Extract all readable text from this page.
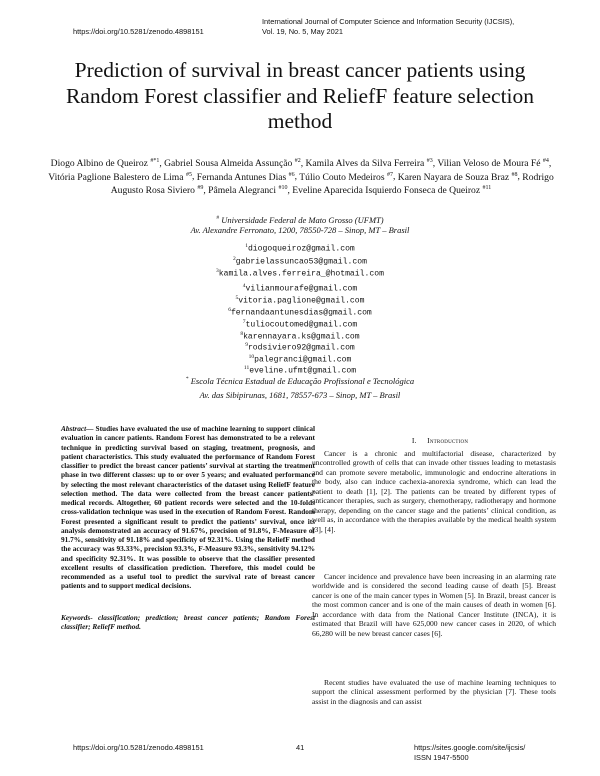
https://doi.org/10.5281/zenodo.4898151
International Journal of Computer Science and Information Security (IJCSIS),
Vol. 19, No. 5, May 2021
Prediction of survival in breast cancer patients using Random Forest classifier and ReliefF feature selection method
Diogo Albino de Queiroz $^{\#*1}$, Gabriel Sousa Almeida Assunção $^{\#2}$, Kamila Alves da Silva Ferreira $^{\#3}$, Vilian Veloso de Moura Fé $^{\#4}$, Vitória Paglione Balestero de Lima $^{\#5}$, Fernanda Antunes Dias $^{\#6}$, Túlio Couto Medeiros $^{\#7}$, Karen Nayara de Souza Braz $^{\#8}$, Rodrigo Augusto Rosa Siviero $^{\#9}$, Pâmela Alegranci $^{\#10}$, Eveline Aparecida Isquierdo Fonseca de Queiroz $^{\#11}$
# Universidade Federal de Mato Grosso (UFMT)
Av. Alexandre Ferronato, 1200, 78550-728 – Sinop, MT – Brasil
$^1$diogoqueiroz@gmail.com
$^2$gabrielassuncao53@gmail.com
$^3$kamila.alves.ferreira_@hotmail.com
$^4$vilianmourafe@gmail.com
$^5$vitoria.paglione@gmail.com
$^6$fernandaantunesdias@gmail.com
$^7$tuliocoutomed@gmail.com
$^8$karennayara.ks@gmail.com
$^9$rodsiviero92@gmail.com
$^{10}$palegranci@gmail.com
$^{11}$eveline.ufmt@gmail.com
* Escola Técnica Estadual de Educação Profissional e Tecnológica
Av. das Sibipirunas, 1681, 78557-673 – Sinop, MT – Brasil
Abstract— Studies have evaluated the use of machine learning to support clinical evaluation in cancer patients. Random Forest has demonstrated to be a relevant technique in predicting survival based on staging, treatment, prognosis, and patient characteristics. This study evaluated the performance of Random Forest classifier to predict the breast cancer patients’ survival at starting the treatment phase in two different classes: up to or over 5 years; and evaluated performance by selecting the most relevant characteristics of the dataset using ReliefF feature selection method. The data were collected from the breast cancer patients’ medical records. Altogether, 60 patient records were selected and the 10-folds cross-validation technique was used in the execution of Random Forest. Random Forest presented a significant result to predict the patients’ survival, once its analysis demonstrated an accuracy of 91.67%, precision of 91.8%, F-Measure of 91.7%, sensitivity of 91.18% and specificity of 92.31%. Using the ReliefF method the accuracy was 93.33%, precision 93.3%, F-Measure 93.3%, sensitivity 94.12% and specificity 92.31%. It was possible to observe that the classifier presented excellent results of classification prediction. Therefore, this model could be recommended as a useful tool to predict the survival rate of breast cancer patients and to support medical decisions.
Keywords- classification; prediction; breast cancer patients; Random Forest classifier; ReliefF method.
I. Introduction

Cancer is a chronic and multifactorial disease, characterized by uncontrolled growth of cells that can invade other tissues leading to metastasis and can promote severe metabolic, immunologic and endocrine alterations in the body, also can induce cachexia-anorexia syndrome, which can lead the patient to death [1], [2]. The patients can be treated by different types of anticancer therapies, such as surgery, chemotherapy, radiotherapy and hormone therapy, depending on the cancer stage and the patients’ clinical condition, as well as, in accordance with the therapies available by the medical health system [3], [4].

Cancer incidence and prevalence have been increasing in an alarming rate worldwide and is considered the second leading cause of death [5]. Breast cancer is one of the main cancer types in Women [5]. In Brazil, breast cancer is the most common cancer and is one of the main causes of death in women [6]. In accordance with data from the National Cancer Institute (INCA), it is estimated that Brazil will have 625,000 new cancer cases in 2020, of which 66,280 will be new breast cancer cases [6].

Recent studies have evaluated the use of machine learning techniques to support the clinical assessment performed by the physician [7]. These tools assist in the diagnosis and can assist

https://doi.org/10.5281/zenodo.4898151	41	https://sites.google.com/site/ijcsis/
ISSN 1947-5500
